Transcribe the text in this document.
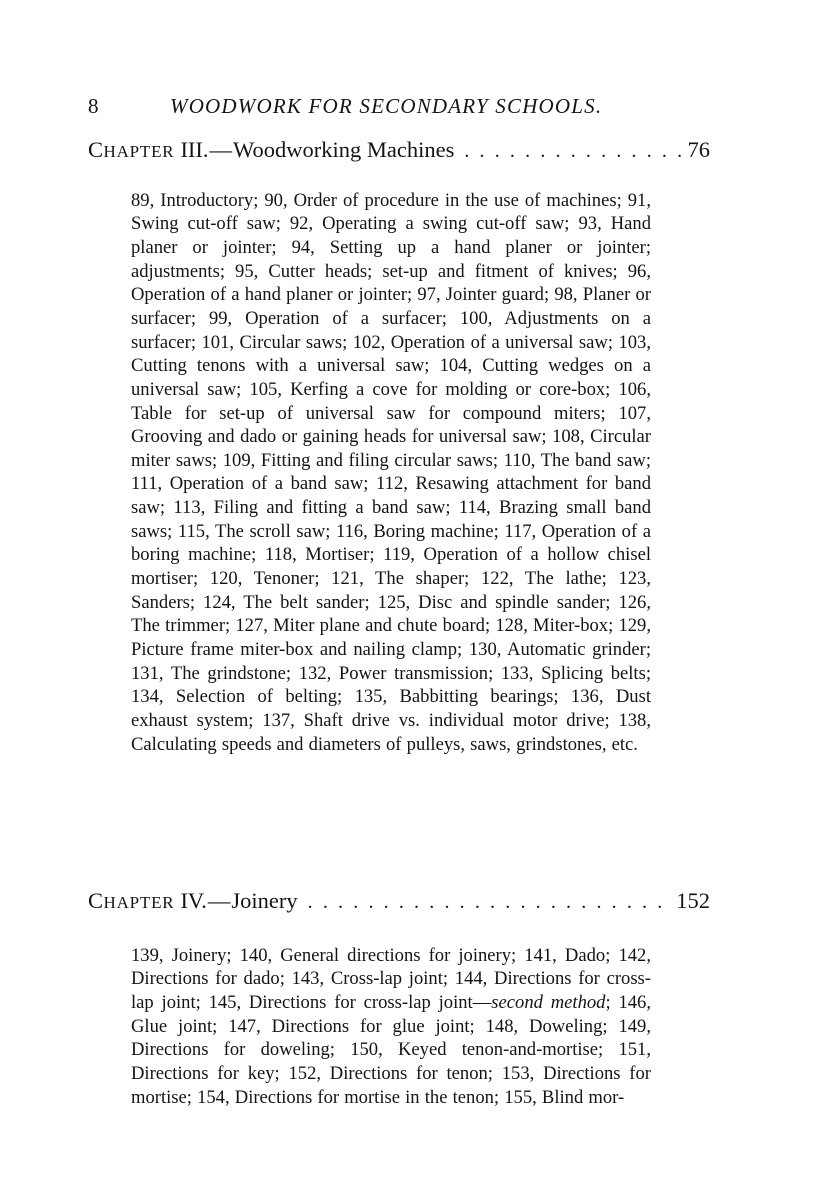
8	WOODWORK FOR SECONDARY SCHOOLS.
CHAPTER III. — Woodworking Machines . . .	76

89, Introductory; 90, Order of procedure in the use of machines; 91, Swing cut-off saw; 92, Operating a swing cut-off saw; 93, Hand planer or jointer; 94, Setting up a hand planer or jointer; adjustments; 95, Cutter heads; set-up and fitment of knives; 96, Operation of a hand planer or jointer; 97, Jointer guard; 98, Planer or surfacer; 99, Operation of a surfacer; 100, Adjustments on a surfacer; 101, Circular saws; 102, Operation of a universal saw; 103, Cutting tenons with a universal saw; 104, Cutting wedges on a universal saw; 105, Kerfing a cove for molding or core-box; 106, Table for set-up of universal saw for compound miters; 107, Grooving and dado or gaining heads for universal saw; 108, Circular miter saws; 109, Fitting and filing circular saws; 110, The band saw; 111, Operation of a band saw; 112, Resawing attachment for band saw; 113, Filing and fitting a band saw; 114, Brazing small band saws; 115, The scroll saw; 116, Boring machine; 117, Operation of a boring machine; 118, Mortiser; 119, Operation of a hollow chisel mortiser; 120, Tenoner; 121, The shaper; 122, The lathe; 123, Sanders; 124, The belt sander; 125, Disc and spindle sander; 126, The trimmer; 127, Miter plane and chute board; 128, Miter-box; 129, Picture frame miter-box and nailing clamp; 130, Automatic grinder; 131, The grindstone; 132, Power transmission; 133, Splicing belts; 134, Selection of belting; 135, Babbitting bearings; 136, Dust exhaust system; 137, Shaft drive vs. individual motor drive; 138, Calculating speeds and diameters of pulleys, saws, grindstones, etc.

CHAPTER IV. — Joinery . . .	152

139, Joinery; 140, General directions for joinery; 141, Dado; 142, Directions for dado; 143, Cross-lap joint; 144, Directions for cross-lap joint; 145, Directions for cross-lap joint—second method; 146, Glue joint; 147, Directions for glue joint; 148, Doweling; 149, Directions for doweling; 150, Keyed tenon-and-mortise; 151, Directions for key; 152, Directions for tenon; 153, Directions for mortise; 154, Directions for mortise in the tenon; 155, Blind mor-
